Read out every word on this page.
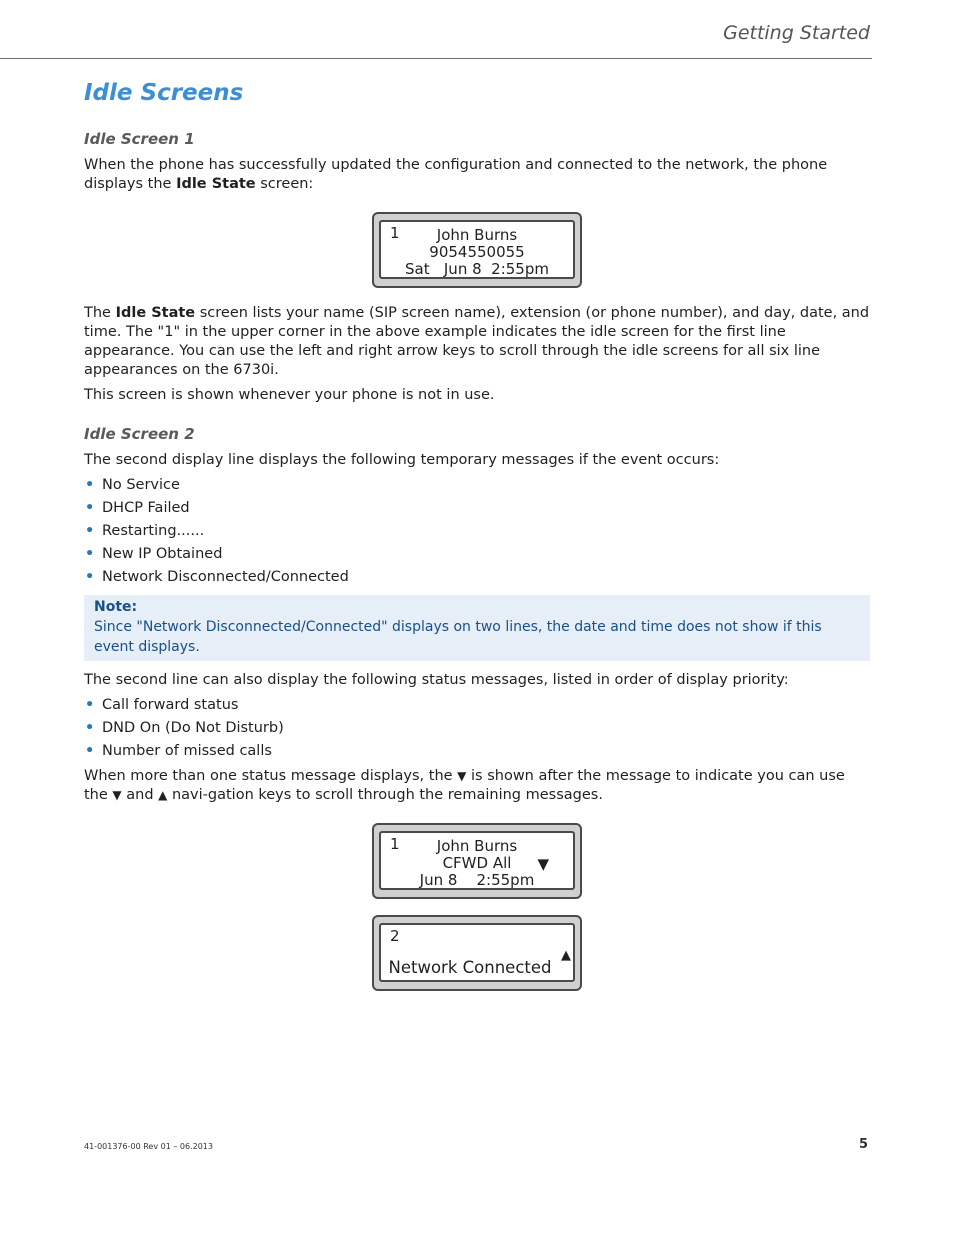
Getting Started
Idle Screens
Idle Screen 1

When the phone has successfully updated the configuration and connected to the network, the phone displays the Idle State screen:

1	John Burns
9054550055
Sat   Jun 8  2:55pm

The Idle State screen lists your name (SIP screen name), extension (or phone number), and day, date, and time. The "1" in the upper corner in the above example indicates the idle screen for the first line appearance. You can use the left and right arrow keys to scroll through the idle screens for all six line appearances on the 6730i.

This screen is shown whenever your phone is not in use.

Idle Screen 2

The second display line displays the following temporary messages if the event occurs:

• No Service
• DHCP Failed
• Restarting......
• New IP Obtained
• Network Disconnected/Connected
Note:
Since "Network Disconnected/Connected" displays on two lines, the date and time does not show if this event displays.

The second line can also display the following status messages, listed in order of display priority:

• Call forward status
• DND On (Do Not Disturb)
• Number of missed calls

When more than one status message displays, the ▼ is shown after the message to indicate you can use the ▼ and ▲ navi-gation keys to scroll through the remaining messages.

1	John Burns
CFWD All
Jun 8    2:55pm
▼
2
Network Connected
▲
41-001376-00 Rev 01 – 06.2013	5
